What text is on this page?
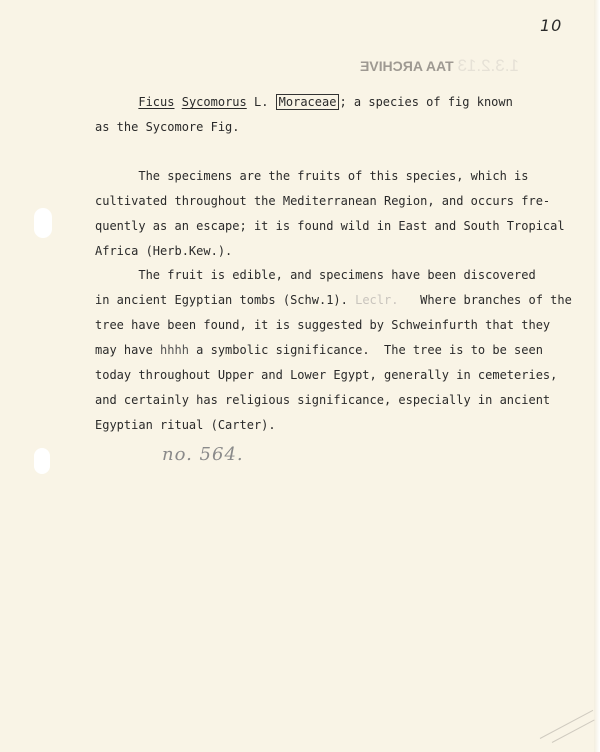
10
1.3.2.13 TAA ARCHIVE
Ficus Sycomorus L. Moraceae ; a species of fig known
as the Sycomore Fig.
The specimens are the fruits of this species, which is
cultivated throughout the Mediterranean Region, and occurs fre-
quently as an escape; it is found wild in East and South Tropical
Africa (Herb.Kew.).
The fruit is edible, and specimens have been discovered
in ancient Egyptian tombs (Schw.1). Leclr.   Where branches of the
tree have been found, it is suggested by Schweinfurth that they
may have hhhh a symbolic significance.  The tree is to be seen
today throughout Upper and Lower Egypt, generally in cemeteries,
and certainly has religious significance, especially in ancient
Egyptian ritual (Carter).
no. 564.
